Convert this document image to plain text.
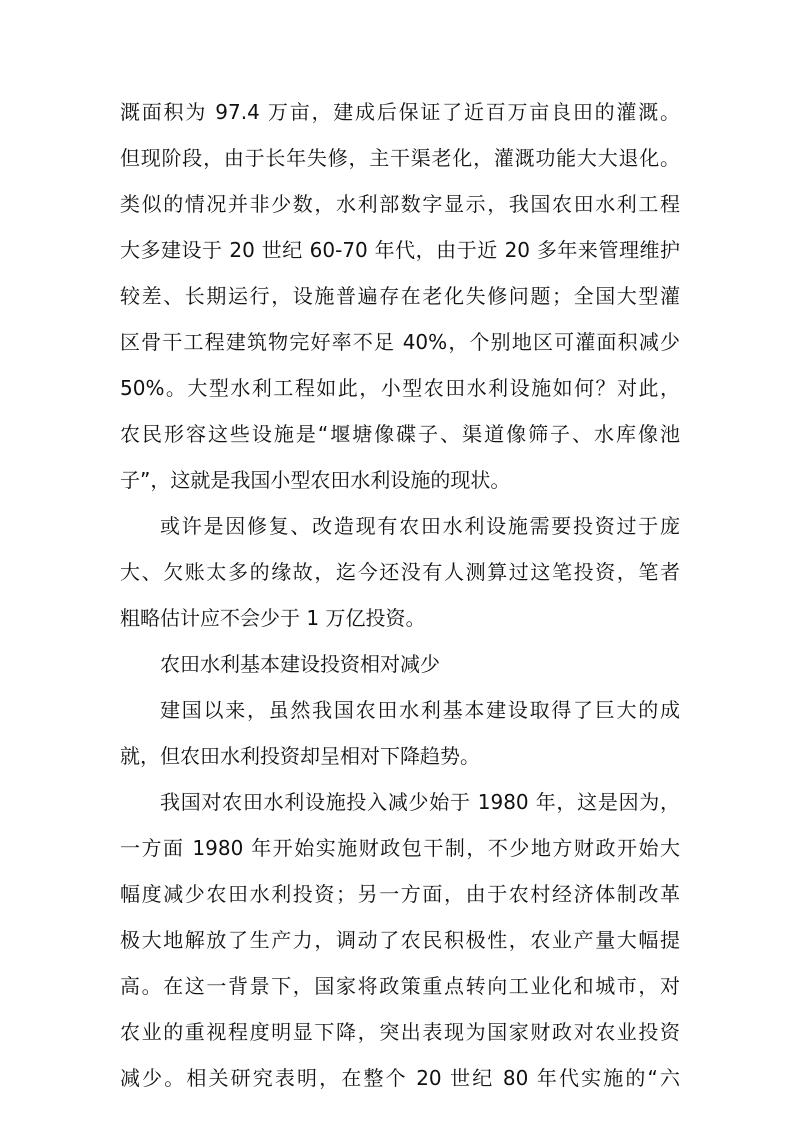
溉面积为 97.4 万亩，建成后保证了近百万亩良田的灌溉。
但现阶段，由于长年失修，主干渠老化，灌溉功能大大退化。
类似的情况并非少数，水利部数字显示，我国农田水利工程
大多建设于 20 世纪 60-70 年代，由于近 20 多年来管理维护
较差、长期运行，设施普遍存在老化失修问题；全国大型灌
区骨干工程建筑物完好率不足 40%，个别地区可灌面积减少
50%。大型水利工程如此，小型农田水利设施如何？对此，
农民形容这些设施是“堰塘像碟子、渠道像筛子、水库像池
子”，这就是我国小型农田水利设施的现状。
或许是因修复、改造现有农田水利设施需要投资过于庞
大、欠账太多的缘故，迄今还没有人测算过这笔投资，笔者
粗略估计应不会少于 1 万亿投资。
农田水利基本建设投资相对减少
建国以来，虽然我国农田水利基本建设取得了巨大的成
就，但农田水利投资却呈相对下降趋势。
我国对农田水利设施投入减少始于 1980 年，这是因为，
一方面 1980 年开始实施财政包干制，不少地方财政开始大
幅度减少农田水利投资；另一方面，由于农村经济体制改革
极大地解放了生产力，调动了农民积极性，农业产量大幅提
高。在这一背景下，国家将政策重点转向工业化和城市，对
农业的重视程度明显下降，突出表现为国家财政对农业投资
减少。相关研究表明，在整个 20 世纪 80 年代实施的“六
